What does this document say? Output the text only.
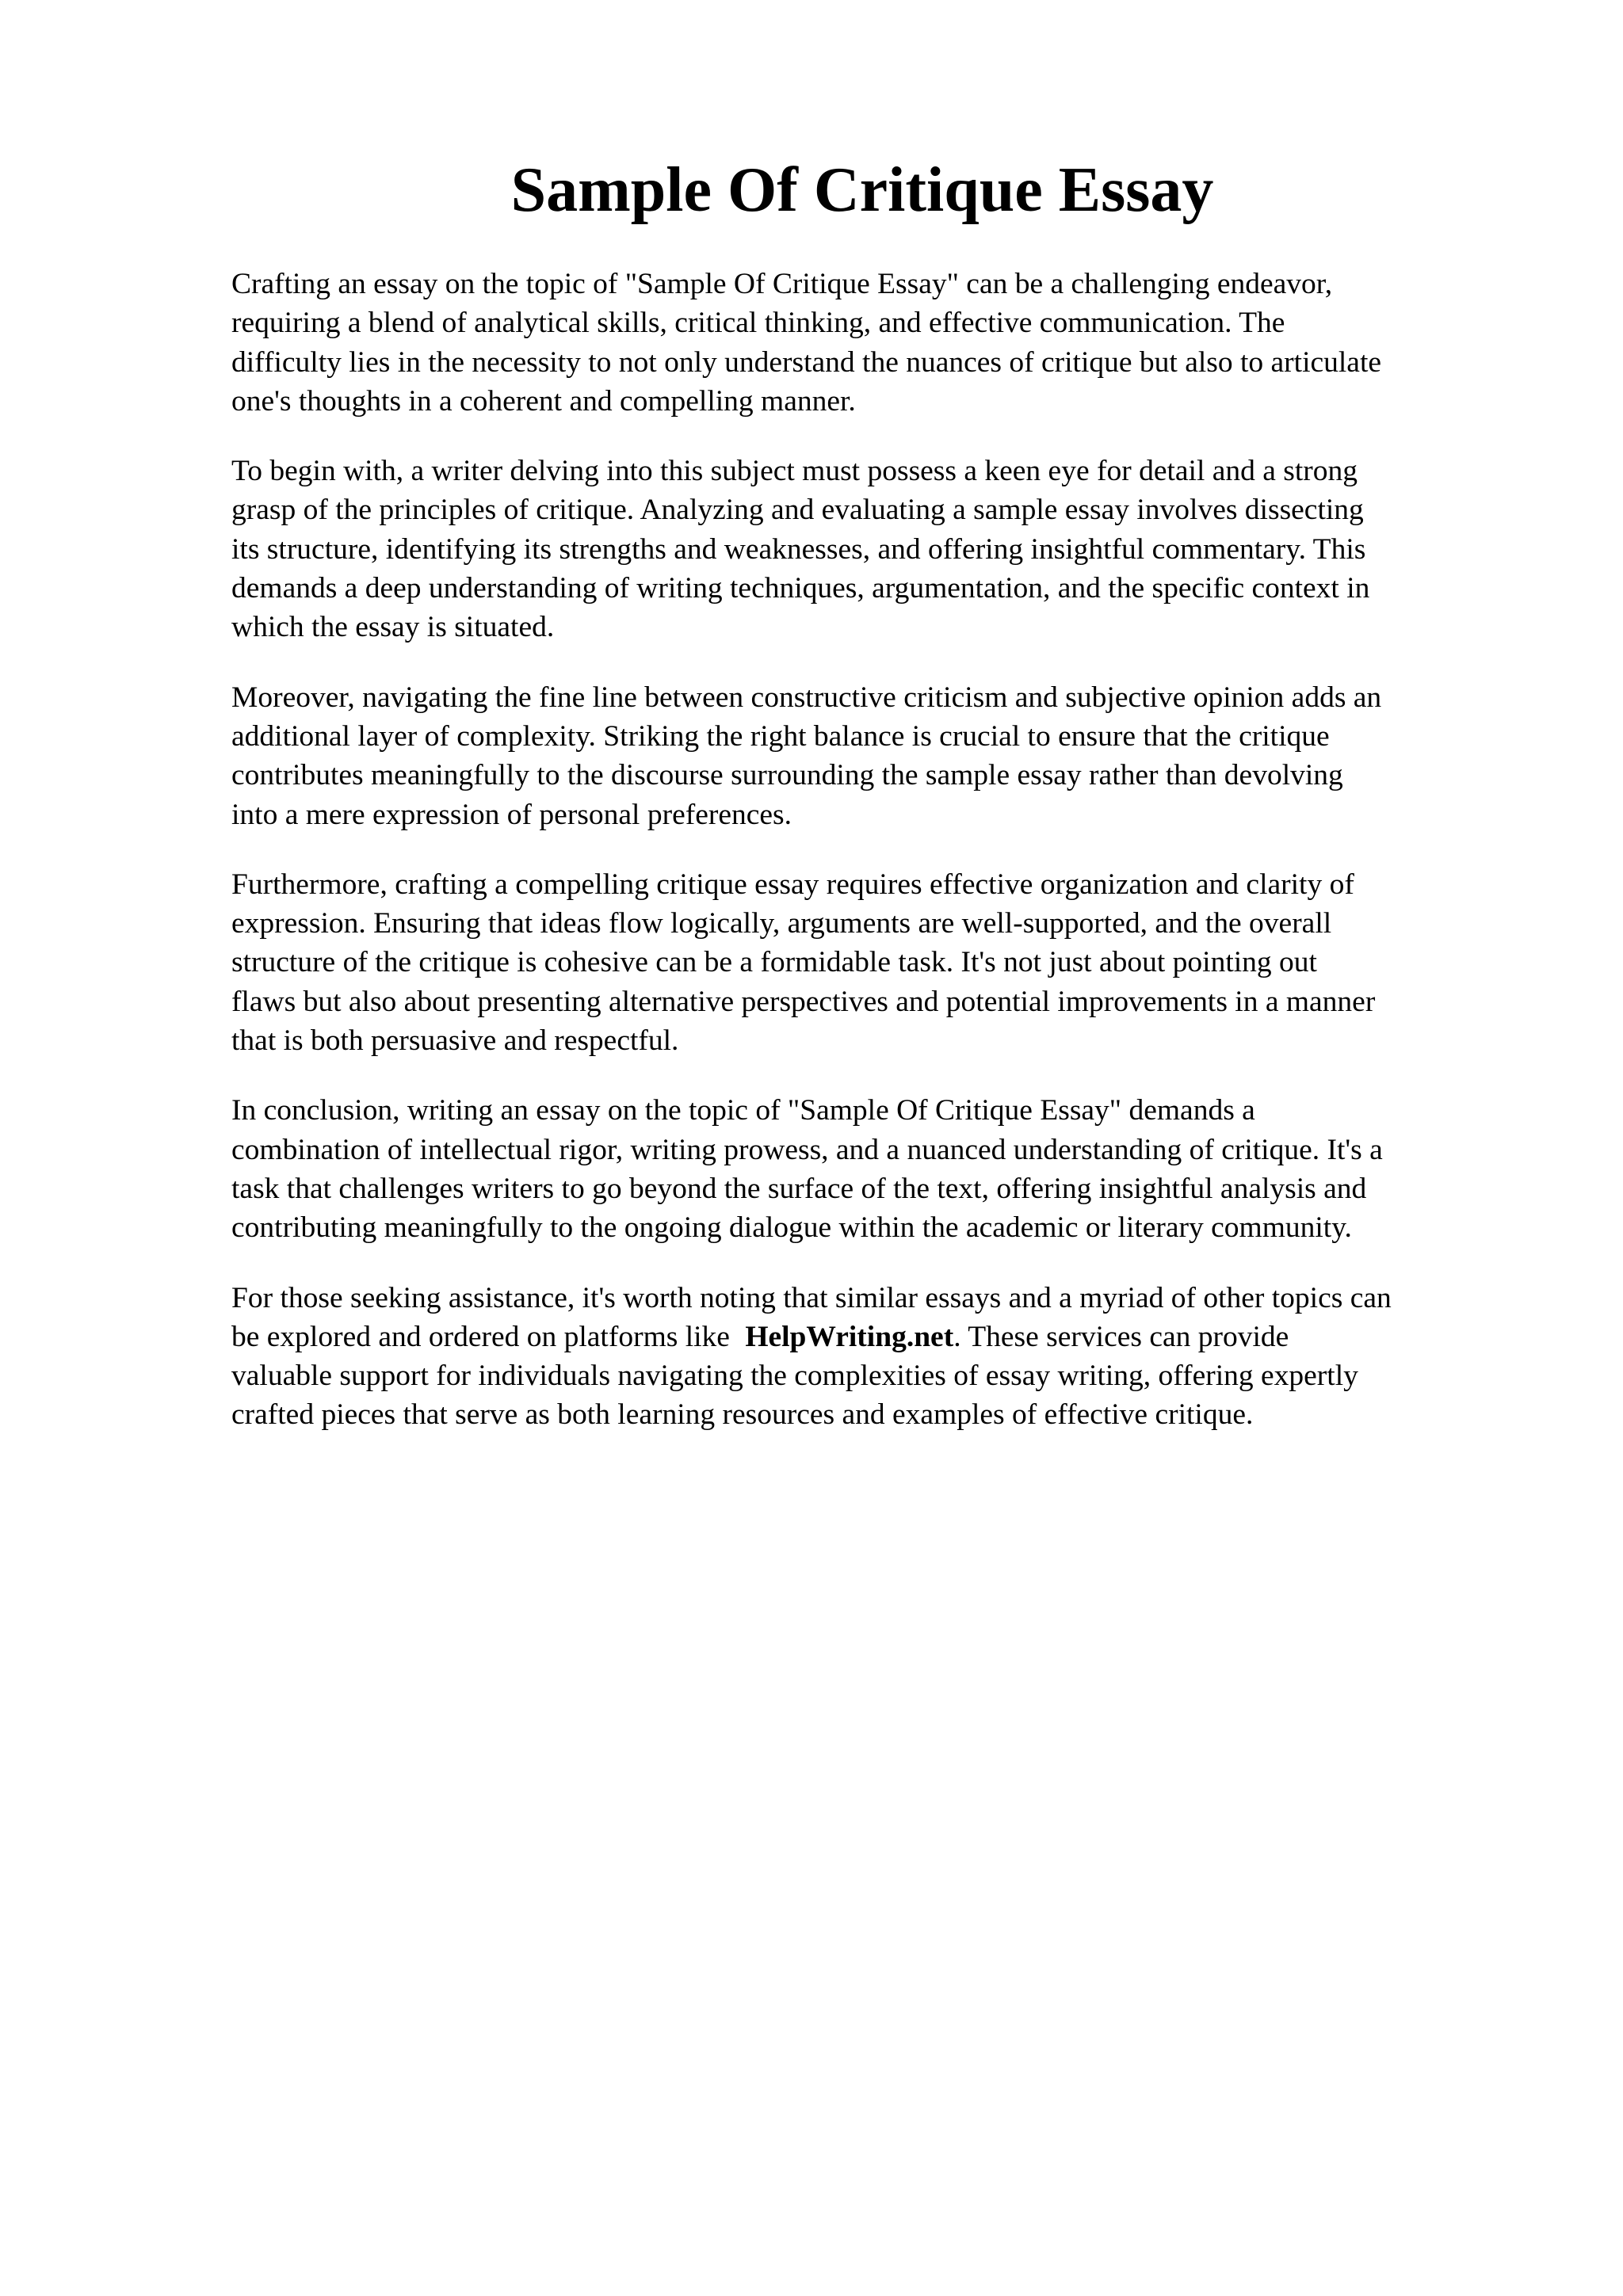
Sample Of Critique Essay

Crafting an essay on the topic of "Sample Of Critique Essay" can be a challenging endeavor,
requiring a blend of analytical skills, critical thinking, and effective communication. The
difficulty lies in the necessity to not only understand the nuances of critique but also to articulate
one's thoughts in a coherent and compelling manner.

To begin with, a writer delving into this subject must possess a keen eye for detail and a strong
grasp of the principles of critique. Analyzing and evaluating a sample essay involves dissecting
its structure, identifying its strengths and weaknesses, and offering insightful commentary. This
demands a deep understanding of writing techniques, argumentation, and the specific context in
which the essay is situated.

Moreover, navigating the fine line between constructive criticism and subjective opinion adds an
additional layer of complexity. Striking the right balance is crucial to ensure that the critique
contributes meaningfully to the discourse surrounding the sample essay rather than devolving
into a mere expression of personal preferences.

Furthermore, crafting a compelling critique essay requires effective organization and clarity of
expression. Ensuring that ideas flow logically, arguments are well-supported, and the overall
structure of the critique is cohesive can be a formidable task. It's not just about pointing out
flaws but also about presenting alternative perspectives and potential improvements in a manner
that is both persuasive and respectful.

In conclusion, writing an essay on the topic of "Sample Of Critique Essay" demands a
combination of intellectual rigor, writing prowess, and a nuanced understanding of critique. It's a
task that challenges writers to go beyond the surface of the text, offering insightful analysis and
contributing meaningfully to the ongoing dialogue within the academic or literary community.

For those seeking assistance, it's worth noting that similar essays and a myriad of other topics can
be explored and ordered on platforms like HelpWriting.net. These services can provide
valuable support for individuals navigating the complexities of essay writing, offering expertly
crafted pieces that serve as both learning resources and examples of effective critique.
